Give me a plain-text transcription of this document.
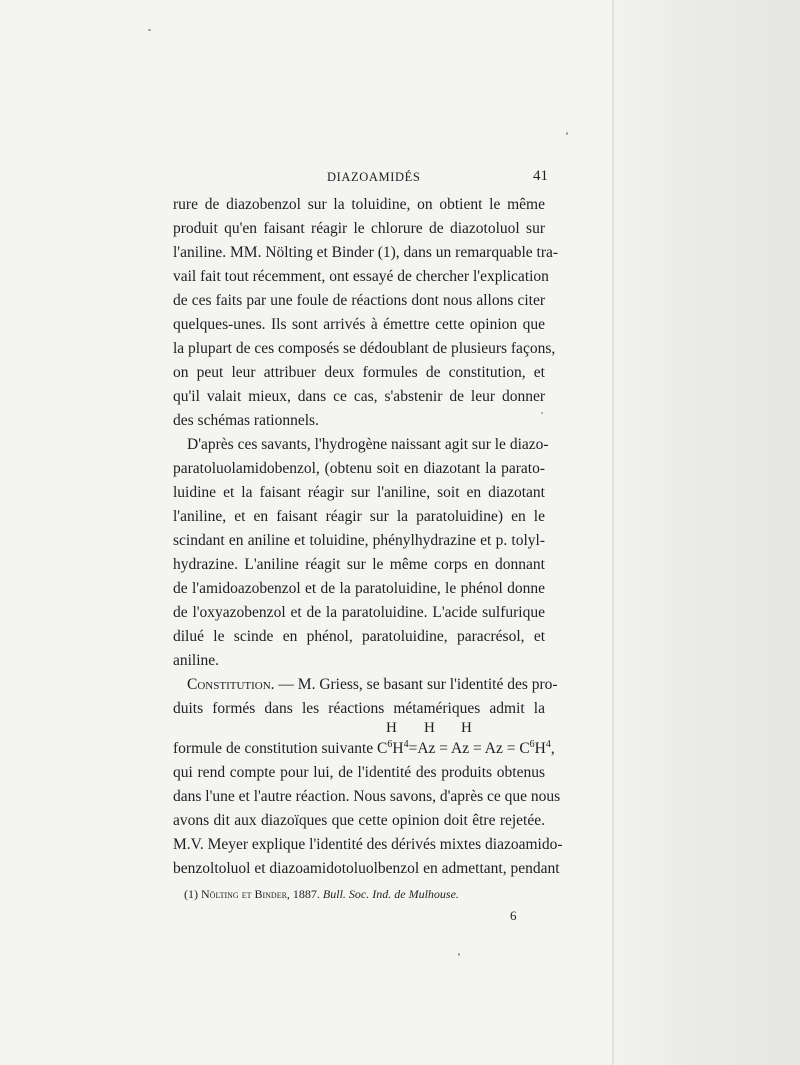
DIAZOAMIDÉS	41
rure de diazobenzol sur la toluidine, on obtient le même
produit qu'en faisant réagir le chlorure de diazotoluol sur
l'aniline. MM. Nölting et Binder (1), dans un remarquable tra-
vail fait tout récemment, ont essayé de chercher l'explication
de ces faits par une foule de réactions dont nous allons citer
quelques-unes. Ils sont arrivés à émettre cette opinion que
la plupart de ces composés se dédoublant de plusieurs façons,
on peut leur attribuer deux formules de constitution, et
qu'il valait mieux, dans ce cas, s'abstenir de leur donner
des schémas rationnels.
D'après ces savants, l'hydrogène naissant agit sur le diazo-
paratoluolamidobenzol, (obtenu soit en diazotant la parato-
luidine et la faisant réagir sur l'aniline, soit en diazotant
l'aniline, et en faisant réagir sur la paratoluidine) en le
scindant en aniline et toluidine, phénylhydrazine et p. tolyl-
hydrazine. L'aniline réagit sur le même corps en donnant
de l'amidoazobenzol et de la paratoluidine, le phénol donne
de l'oxyazobenzol et de la paratoluidine. L'acide sulfurique
dilué le scinde en phénol, paratoluidine, paracrésol, et
aniline.
Constitution. — M. Griess, se basant sur l'identité des pro-
duits formés dans les réactions métamériques admit la
H H H
formule de constitution suivante $C^6H^4=Az = Az = Az = C^6H^4$,
qui rend compte pour lui, de l'identité des produits obtenus
dans l'une et l'autre réaction. Nous savons, d'après ce que nous
avons dit aux diazoïques que cette opinion doit être rejetée.
M.V. Meyer explique l'identité des dérivés mixtes diazoamido-
benzoltoluol et diazoamidotoluolbenzol en admettant, pendant
(1) Nölting et Binder, 1887. Bull. Soc. Ind. de Mulhouse.
6
